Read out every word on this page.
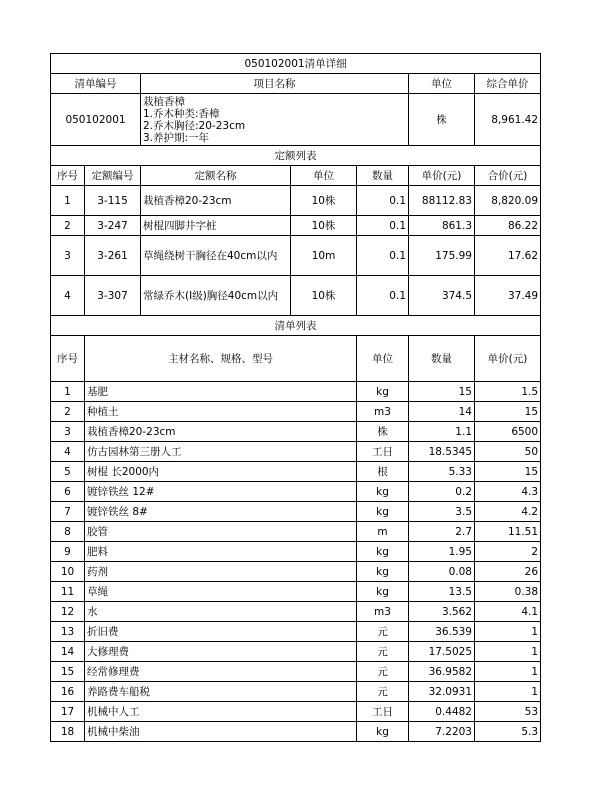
050102001清单详细							
清单编号		项目名称			单位	综合单价	
050102001		栽植香樟
1.乔木种类:香樟
2.乔木胸径:20-23cm
3.养护期:一年			株	8,961.42	
定额列表							
序号	定额编号	定额名称	单位	数量	单价(元)	合价(元)	
1	3-115	栽植香樟20-23cm	10株	0.1	88112.83	8,820.09	
2	3-247	树棍四脚井字桩	10株	0.1	861.3	86.22	
3	3-261	草绳绕树干胸径在40cm以内	10m	0.1	175.99	17.62	
4	3-307	常绿乔木(I级)胸径40cm以内	10株	0.1	374.5	37.49	
清单列表							
序号	主材名称、规格、型号			单位	数量	单价(元)	
1	基肥			kg	15	1.5	
2	种植土			m3	14	15	
3	栽植香樟20-23cm			株	1.1	6500	
4	仿古园林第三册人工			工日	18.5345	50	
5	树棍 长2000内			根	5.33	15	
6	镀锌铁丝 12#			kg	0.2	4.3	
7	镀锌铁丝 8#			kg	3.5	4.2	
8	胶管			m	2.7	11.51	
9	肥料			kg	1.95	2	
10	药剂			kg	0.08	26	
11	草绳			kg	13.5	0.38	
12	水			m3	3.562	4.1	
13	折旧费			元	36.539	1	
14	大修理费			元	17.5025	1	
15	经常修理费			元	36.9582	1	
16	养路费车船税			元	32.0931	1	
17	机械中人工			工日	0.4482	53	
18	机械中柴油			kg	7.2203	5.3	
